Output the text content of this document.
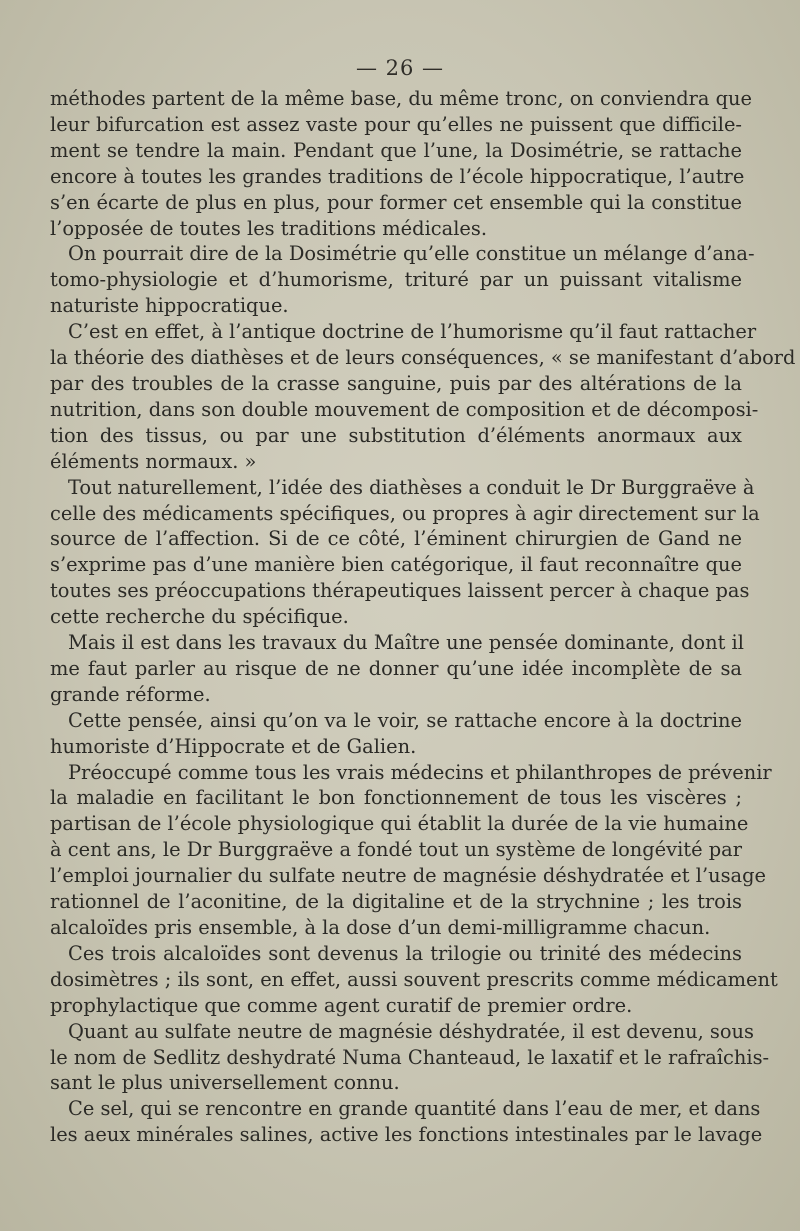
— 26 —
méthodes partent de la même base, du même tronc, on conviendra que
leur bifurcation est assez vaste pour qu’elles ne puissent que difficile-
ment se tendre la main. Pendant que l’une, la Dosimétrie, se rattache
encore à toutes les grandes traditions de l’école hippocratique, l’autre
s’en écarte de plus en plus, pour former cet ensemble qui la constitue
l’opposée de toutes les traditions médicales.
On pourrait dire de la Dosimétrie qu’elle constitue un mélange d’ana-
tomo-physiologie et d’humorisme, trituré par un puissant vitalisme
naturiste hippocratique.
C’est en effet, à l’antique doctrine de l’humorisme qu’il faut rattacher
la théorie des diathèses et de leurs conséquences, « se manifestant d’abord
par des troubles de la crasse sanguine, puis par des altérations de la
nutrition, dans son double mouvement de composition et de décomposi-
tion des tissus, ou par une substitution d’éléments anormaux aux
éléments normaux. »
Tout naturellement, l’idée des diathèses a conduit le Dr Burggraëve à
celle des médicaments spécifiques, ou propres à agir directement sur la
source de l’affection. Si de ce côté, l’éminent chirurgien de Gand ne
s’exprime pas d’une manière bien catégorique, il faut reconnaître que
toutes ses préoccupations thérapeutiques laissent percer à chaque pas
cette recherche du spécifique.
Mais il est dans les travaux du Maître une pensée dominante, dont il
me faut parler au risque de ne donner qu’une idée incomplète de sa
grande réforme.
Cette pensée, ainsi qu’on va le voir, se rattache encore à la doctrine
humoriste d’Hippocrate et de Galien.
Préoccupé comme tous les vrais médecins et philanthropes de prévenir
la maladie en facilitant le bon fonctionnement de tous les viscères ;
partisan de l’école physiologique qui établit la durée de la vie humaine
à cent ans, le Dr Burggraëve a fondé tout un système de longévité par
l’emploi journalier du sulfate neutre de magnésie déshydratée et l’usage
rationnel de l’aconitine, de la digitaline et de la strychnine ; les trois
alcaloïdes pris ensemble, à la dose d’un demi-milligramme chacun.
Ces trois alcaloïdes sont devenus la trilogie ou trinité des médecins
dosimètres ; ils sont, en effet, aussi souvent prescrits comme médicament
prophylactique que comme agent curatif de premier ordre.
Quant au sulfate neutre de magnésie déshydratée, il est devenu, sous
le nom de Sedlitz deshydraté Numa Chanteaud, le laxatif et le rafraîchis-
sant le plus universellement connu.
Ce sel, qui se rencontre en grande quantité dans l’eau de mer, et dans
les aeux minérales salines, active les fonctions intestinales par le lavage
